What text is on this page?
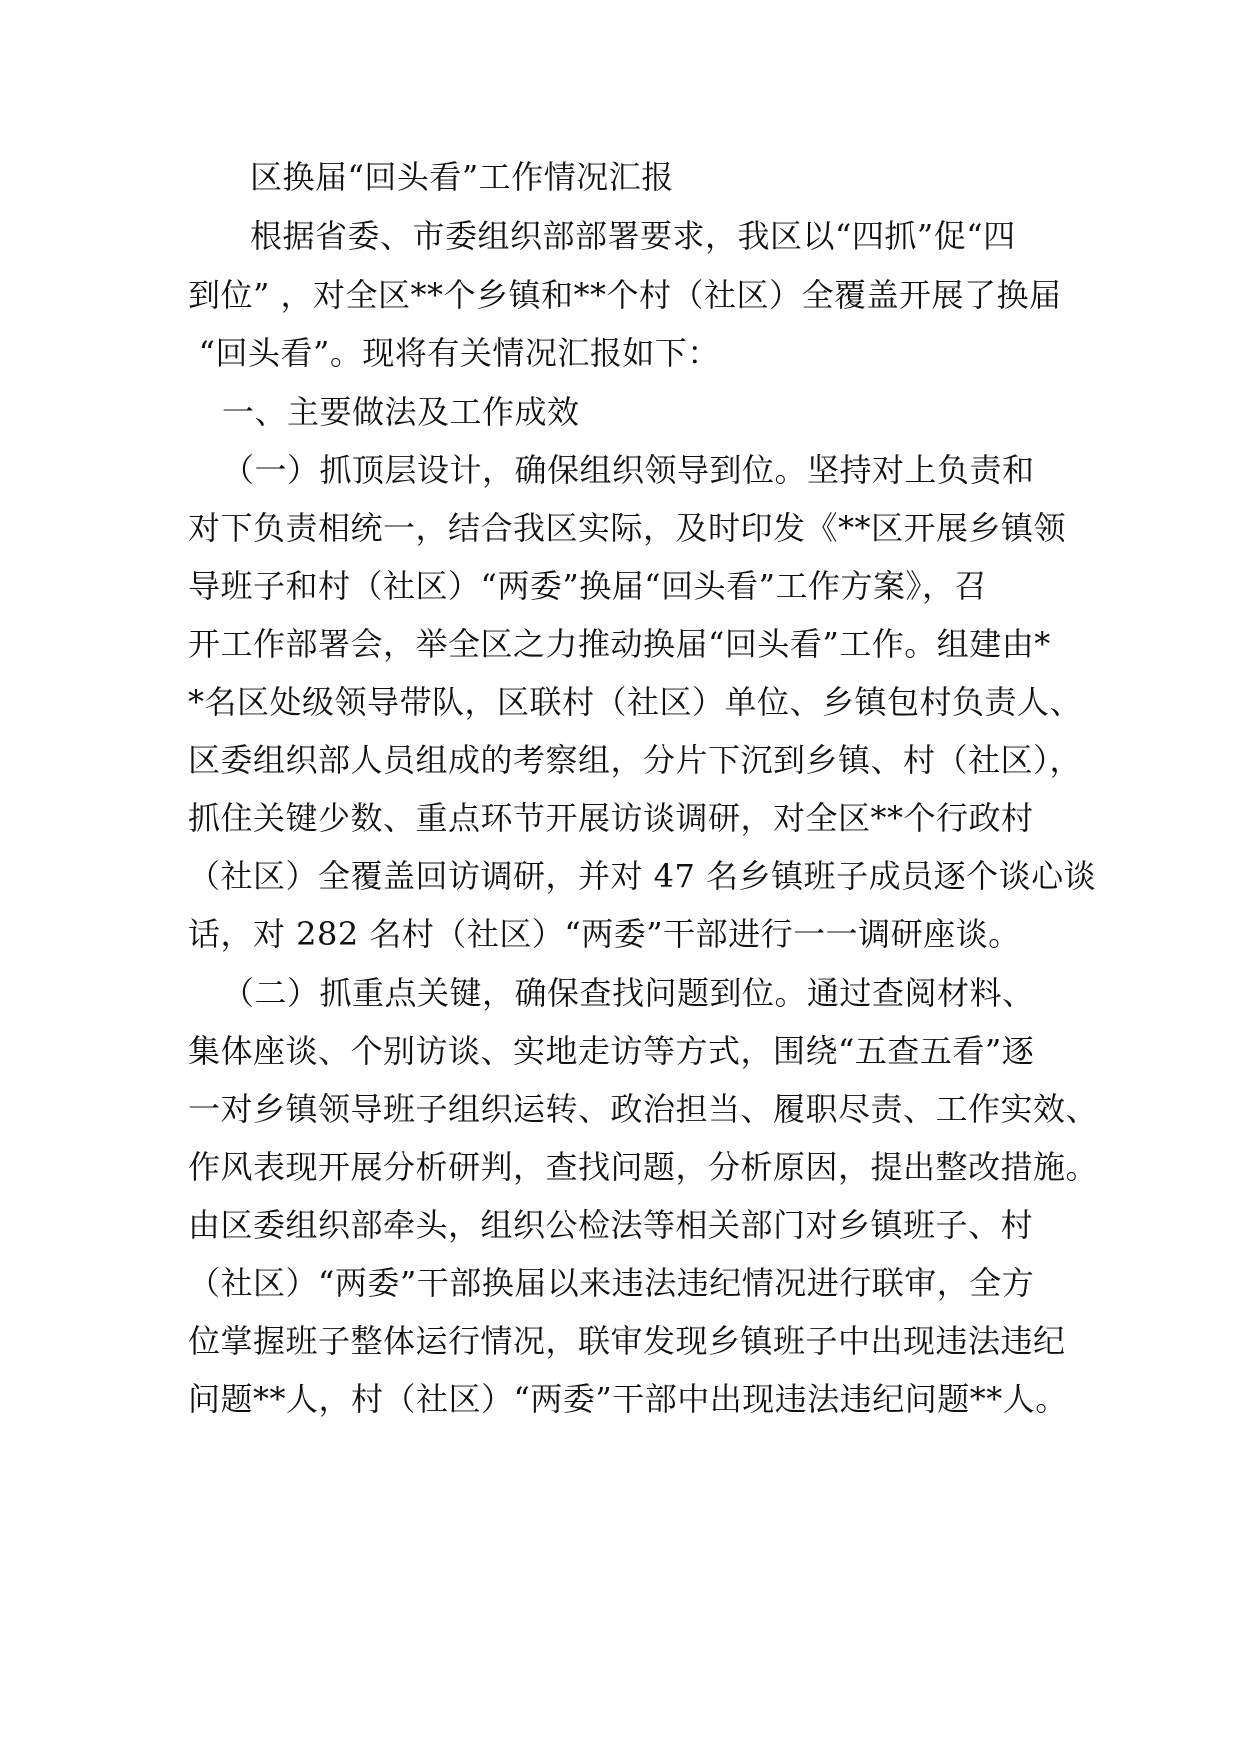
区换届“回头看”工作情况汇报
根据省委、市委组织部部署要求，我区以“四抓”促“四
到位” ，对全区**个乡镇和**个村（社区）全覆盖开展了换届
“回头看”。现将有关情况汇报如下：
一、主要做法及工作成效
（一）抓顶层设计，确保组织领导到位。坚持对上负责和
对下负责相统一，结合我区实际，及时印发《**区开展乡镇领
导班子和村（社区）“两委”换届“回头看”工作方案》，召
开工作部署会，举全区之力推动换届“回头看”工作。组建由*
*名区处级领导带队，区联村（社区）单位、乡镇包村负责人、
区委组织部人员组成的考察组，分片下沉到乡镇、村（社区），
抓住关键少数、重点环节开展访谈调研，对全区**个行政村
（社区）全覆盖回访调研，并对 47 名乡镇班子成员逐个谈心谈
话，对 282 名村（社区）“两委”干部进行一一调研座谈。
（二）抓重点关键，确保查找问题到位。通过查阅材料、
集体座谈、个别访谈、实地走访等方式，围绕“五查五看”逐
一对乡镇领导班子组织运转、政治担当、履职尽责、工作实效、
作风表现开展分析研判，查找问题，分析原因，提出整改措施。
由区委组织部牵头，组织公检法等相关部门对乡镇班子、村
（社区）“两委”干部换届以来违法违纪情况进行联审，全方
位掌握班子整体运行情况，联审发现乡镇班子中出现违法违纪
问题**人，村（社区）“两委”干部中出现违法违纪问题**人。
